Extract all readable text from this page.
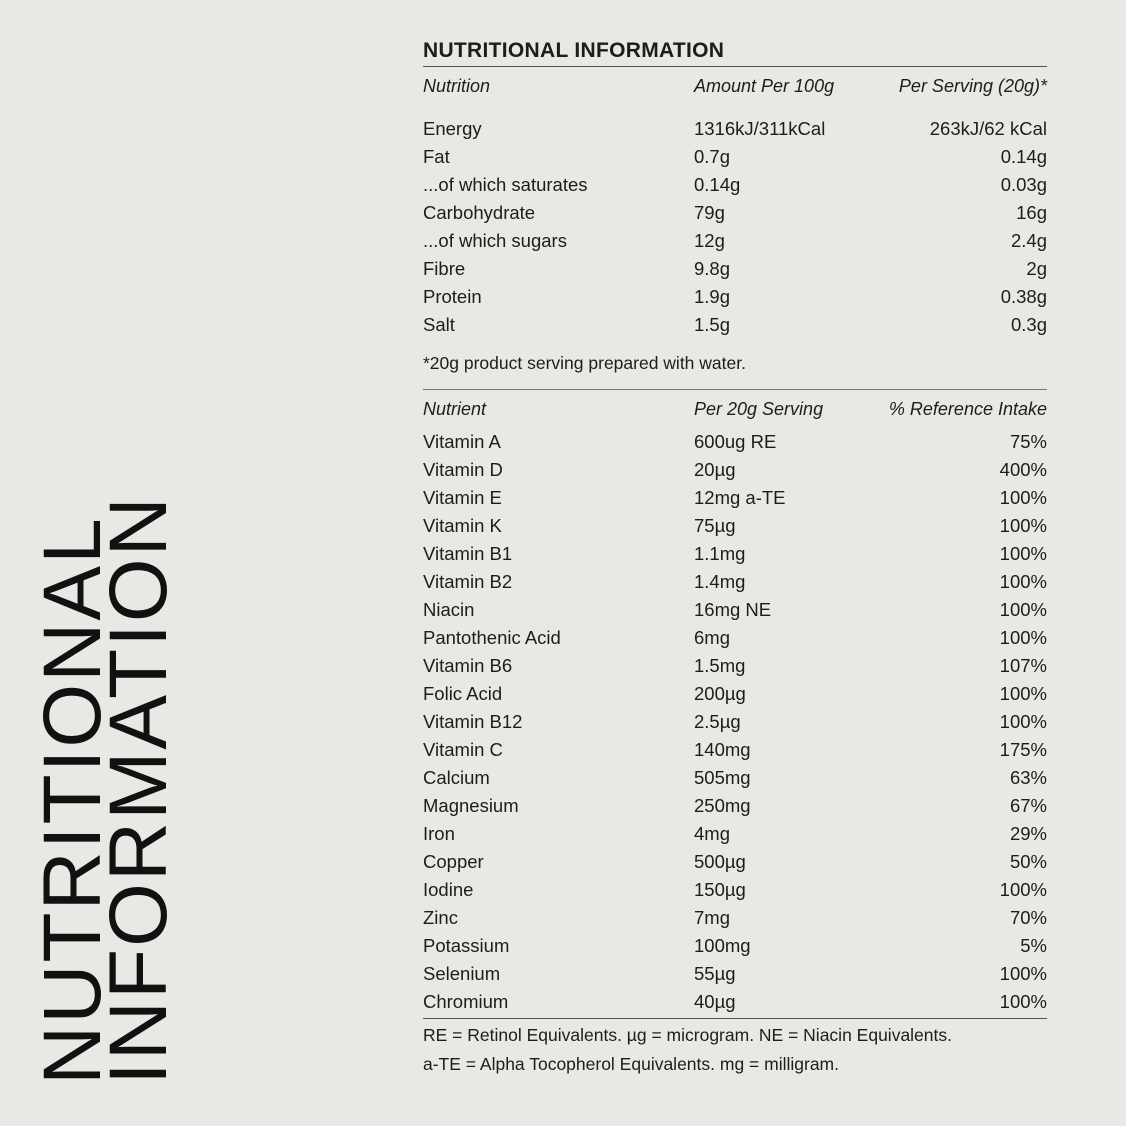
NUTRITIONAL
INFORMATION
NUTRITIONAL INFORMATION
Nutrition	Amount Per 100g	Per Serving (20g)*
Energy	1316kJ/311kCal	263kJ/62 kCal
Fat	0.7g	0.14g
...of which saturates	0.14g	0.03g
Carbohydrate	79g	16g
...of which sugars	12g	2.4g
Fibre	9.8g	2g
Protein	1.9g	0.38g
Salt	1.5g	0.3g
*20g product serving prepared with water.
Nutrient	Per 20g Serving	% Reference Intake
Vitamin A	600ug RE	75%
Vitamin D	20µg	400%
Vitamin E	12mg a-TE	100%
Vitamin K	75µg	100%
Vitamin B1	1.1mg	100%
Vitamin B2	1.4mg	100%
Niacin	16mg NE	100%
Pantothenic Acid	6mg	100%
Vitamin B6	1.5mg	107%
Folic Acid	200µg	100%
Vitamin B12	2.5µg	100%
Vitamin C	140mg	175%
Calcium	505mg	63%
Magnesium	250mg	67%
Iron	4mg	29%
Copper	500µg	50%
Iodine	150µg	100%
Zinc	7mg	70%
Potassium	100mg	5%
Selenium	55µg	100%
Chromium	40µg	100%
RE = Retinol Equivalents. µg = microgram. NE = Niacin Equivalents.
a-TE = Alpha Tocopherol Equivalents. mg = milligram.
